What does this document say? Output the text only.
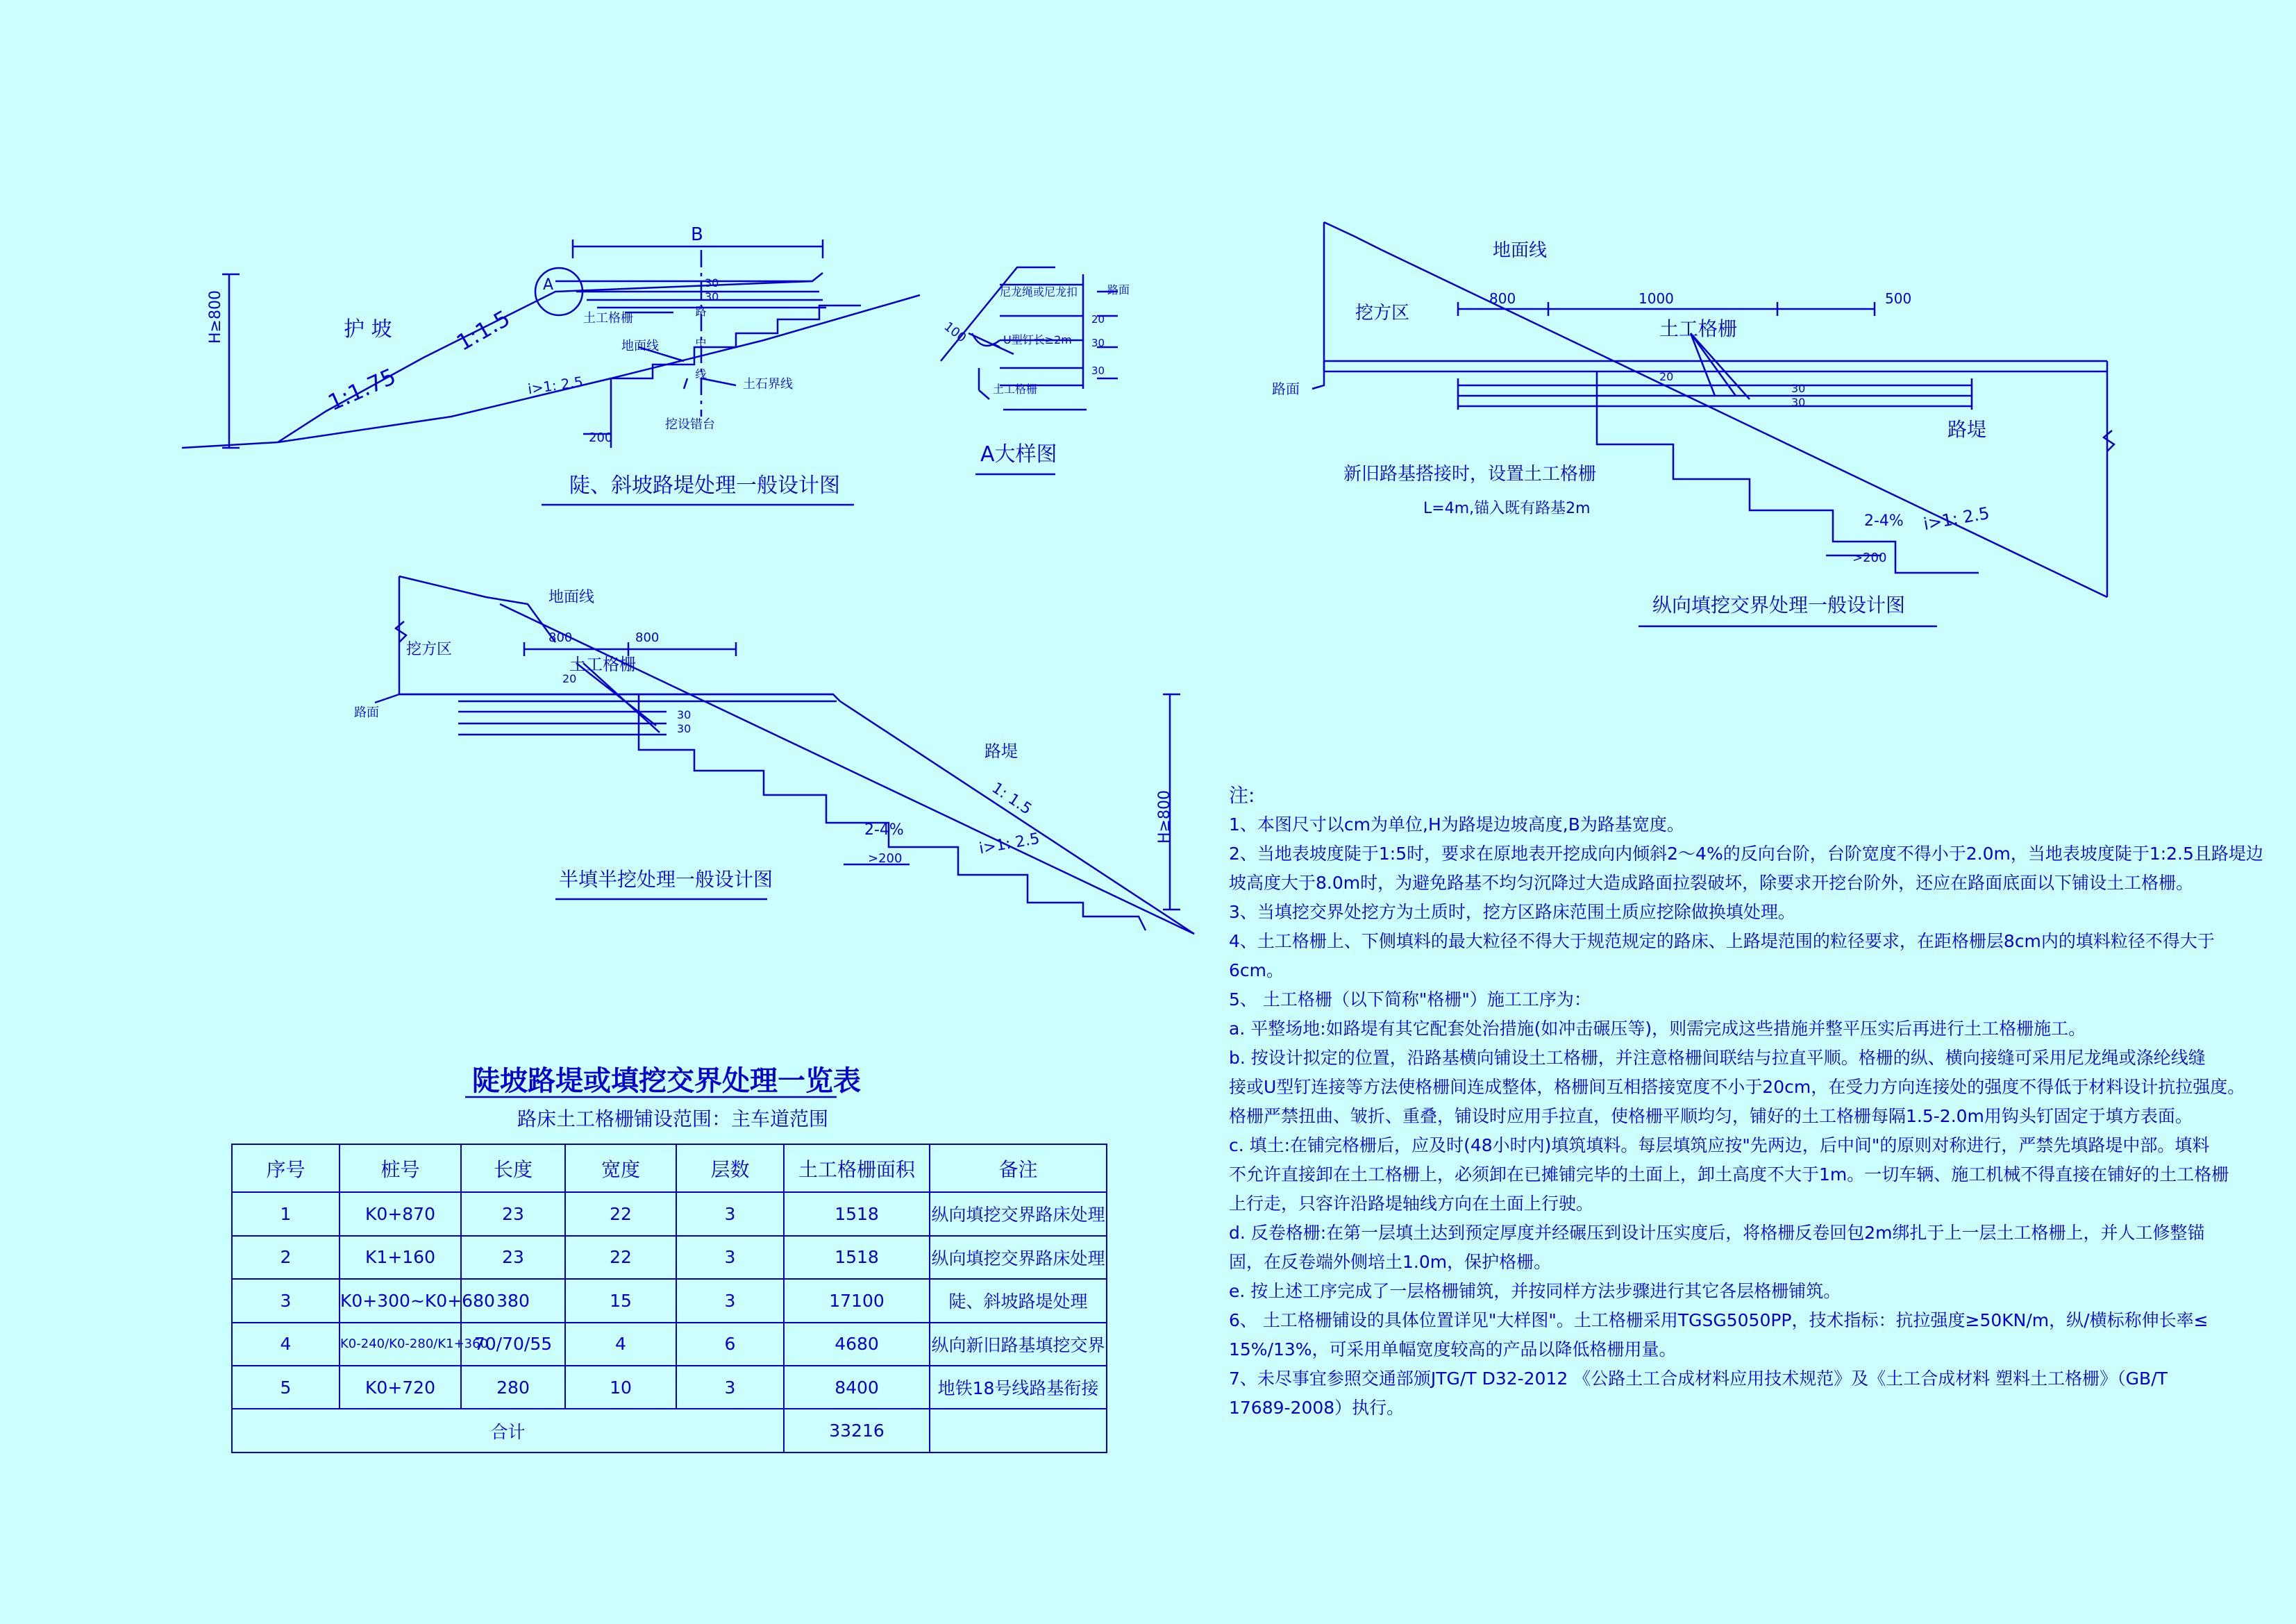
B
H≥800	护 坡
1:1.75
1:1.5
A
土工格栅
地面线
i>1: 2.5	土石界线
挖设错台
200
30
30
路 中 线
陡、斜坡路堤处理一般设计图
尼龙绳或尼龙扣
U型钉长≥2m
土工格栅
100
路面
30
30
20
A大样图
地面线
挖方区
路面
800	800
土工格栅
20
30
30
路堤
1: 1.5
2-4%
i>1: 2.5
>200
H≥800
半填半挖处理一般设计图
地面线
挖方区
路面
800	1000	500
土工格栅
20
30
30
路堤
新旧路基搭接时，设置土工格栅
L=4m,锚入既有路基2m	i>1: 2.5
2-4%
>200
纵向填挖交界处理一般设计图
陡坡路堤或填挖交界处理一览表
路床土工格栅铺设范围：主车道范围
序号	桩号	长度	宽度	层数	土工格栅面积	备注
1	K0+870	23	22	3	1518	纵向填挖交界路床处理
2	K1+160	23	22	3	1518	纵向填挖交界路床处理
3	K0+300~K0+680	380	15	3	17100	陡、斜坡路堤处理
4	K0-240/K0-280/K1+360	70/70/55	4	6	4680	纵向新旧路基填挖交界
5	K0+720	280	10	3	8400	地铁18号线路基衔接
合计					33216	
注:
1、本图尺寸以cm为单位,H为路堤边坡高度,B为路基宽度。
2、当地表坡度陡于1:5时，要求在原地表开挖成向内倾斜2～4%的反向台阶，台阶宽度不得小于2.0m，当地表坡度陡于1:2.5且路堤边
坡高度大于8.0m时，为避免路基不均匀沉降过大造成路面拉裂破坏，除要求开挖台阶外，还应在路面底面以下铺设土工格栅。
3、当填挖交界处挖方为土质时，挖方区路床范围土质应挖除做换填处理。
4、土工格栅上、下侧填料的最大粒径不得大于规范规定的路床、上路堤范围的粒径要求，在距格栅层8cm内的填料粒径不得大于
6cm。
5、 土工格栅（以下简称"格栅"）施工工序为：
a. 平整场地:如路堤有其它配套处治措施(如冲击碾压等)，则需完成这些措施并整平压实后再进行土工格栅施工。
b. 按设计拟定的位置，沿路基横向铺设土工格栅，并注意格栅间联结与拉直平顺。格栅的纵、横向接缝可采用尼龙绳或涤纶线缝
接或U型钉连接等方法使格栅间连成整体，格栅间互相搭接宽度不小于20cm，在受力方向连接处的强度不得低于材料设计抗拉强度。
格栅严禁扭曲、皱折、重叠，铺设时应用手拉直，使格栅平顺均匀，铺好的土工格栅每隔1.5-2.0m用钩头钉固定于填方表面。
c. 填土:在铺完格栅后，应及时(48小时内)填筑填料。每层填筑应按"先两边，后中间"的原则对称进行，严禁先填路堤中部。填料
不允许直接卸在土工格栅上，必须卸在已摊铺完毕的土面上，卸土高度不大于1m。一切车辆、施工机械不得直接在铺好的土工格栅
上行走，只容许沿路堤轴线方向在土面上行驶。
d. 反卷格栅:在第一层填土达到预定厚度并经碾压到设计压实度后，将格栅反卷回包2m绑扎于上一层土工格栅上，并人工修整锚
固，在反卷端外侧培土1.0m，保护格栅。
e. 按上述工序完成了一层格栅铺筑，并按同样方法步骤进行其它各层格栅铺筑。
6、 土工格栅铺设的具体位置详见"大样图"。土工格栅采用TGSG5050PP，技术指标：抗拉强度≥50KN/m，纵/横标称伸长率≤
15%/13%，可采用单幅宽度较高的产品以降低格栅用量。
7、未尽事宜参照交通部颁JTG/T D32-2012 《公路土工合成材料应用技术规范》及《土工合成材料 塑料土工格栅》（GB/T
17689-2008）执行。
